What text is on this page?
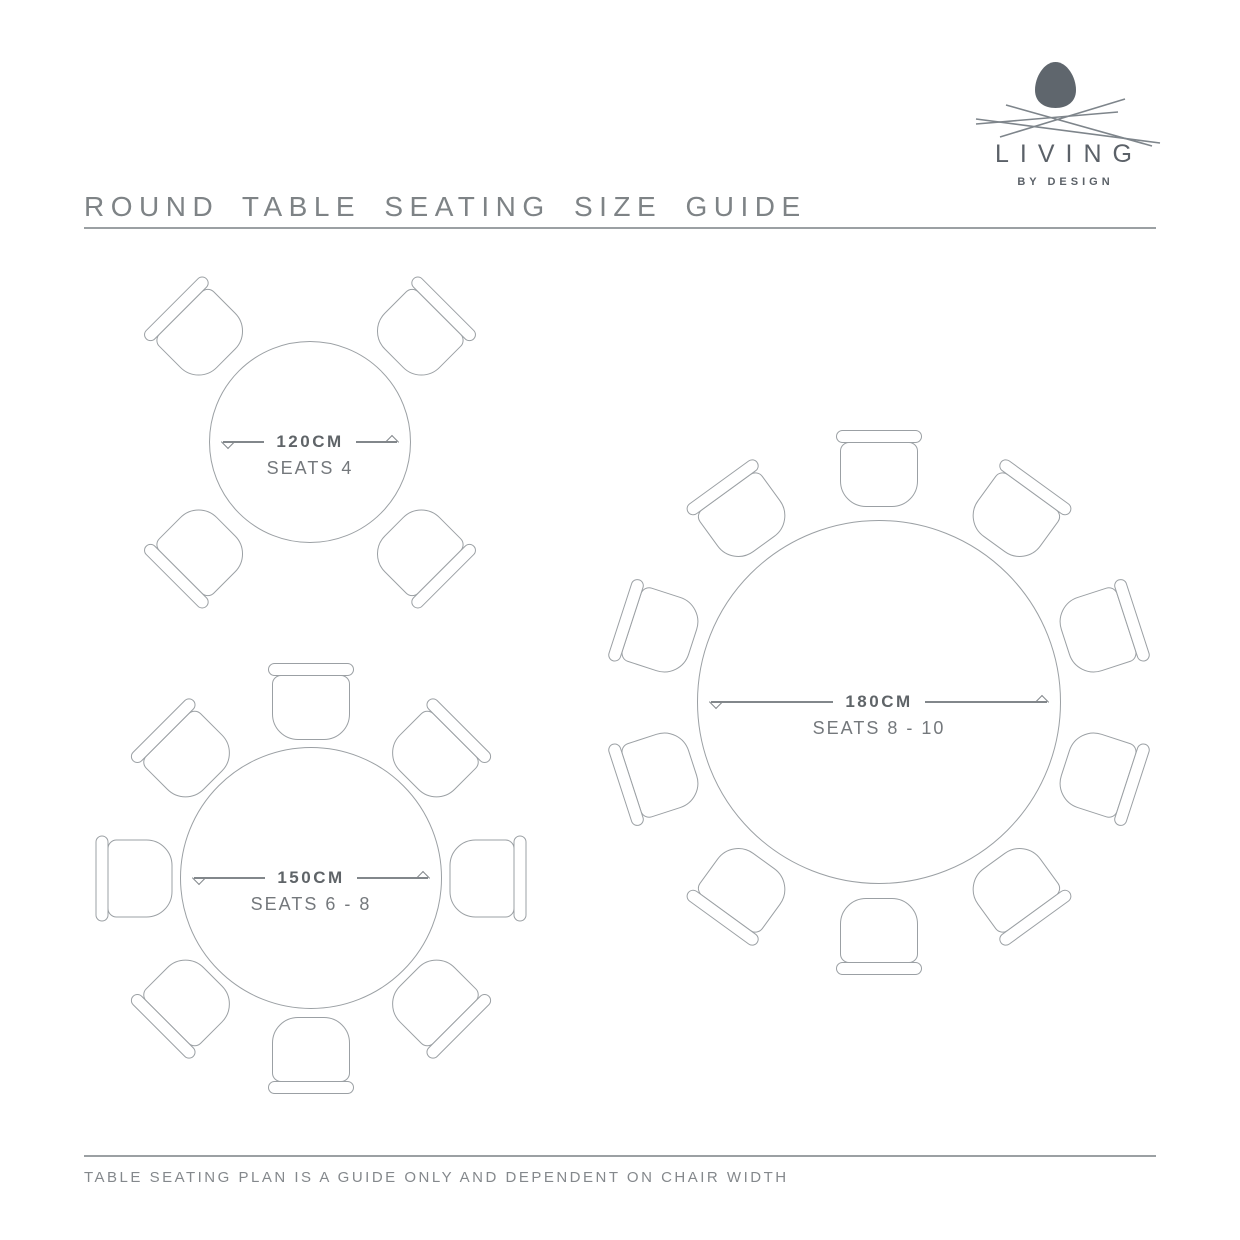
ROUND TABLE SEATING SIZE GUIDE
LIVING
BY DESIGN
120CM
SEATS 4
150CM
SEATS 6 - 8
180CM
SEATS 8 - 10
TABLE SEATING PLAN IS A GUIDE ONLY AND DEPENDENT ON CHAIR WIDTH
